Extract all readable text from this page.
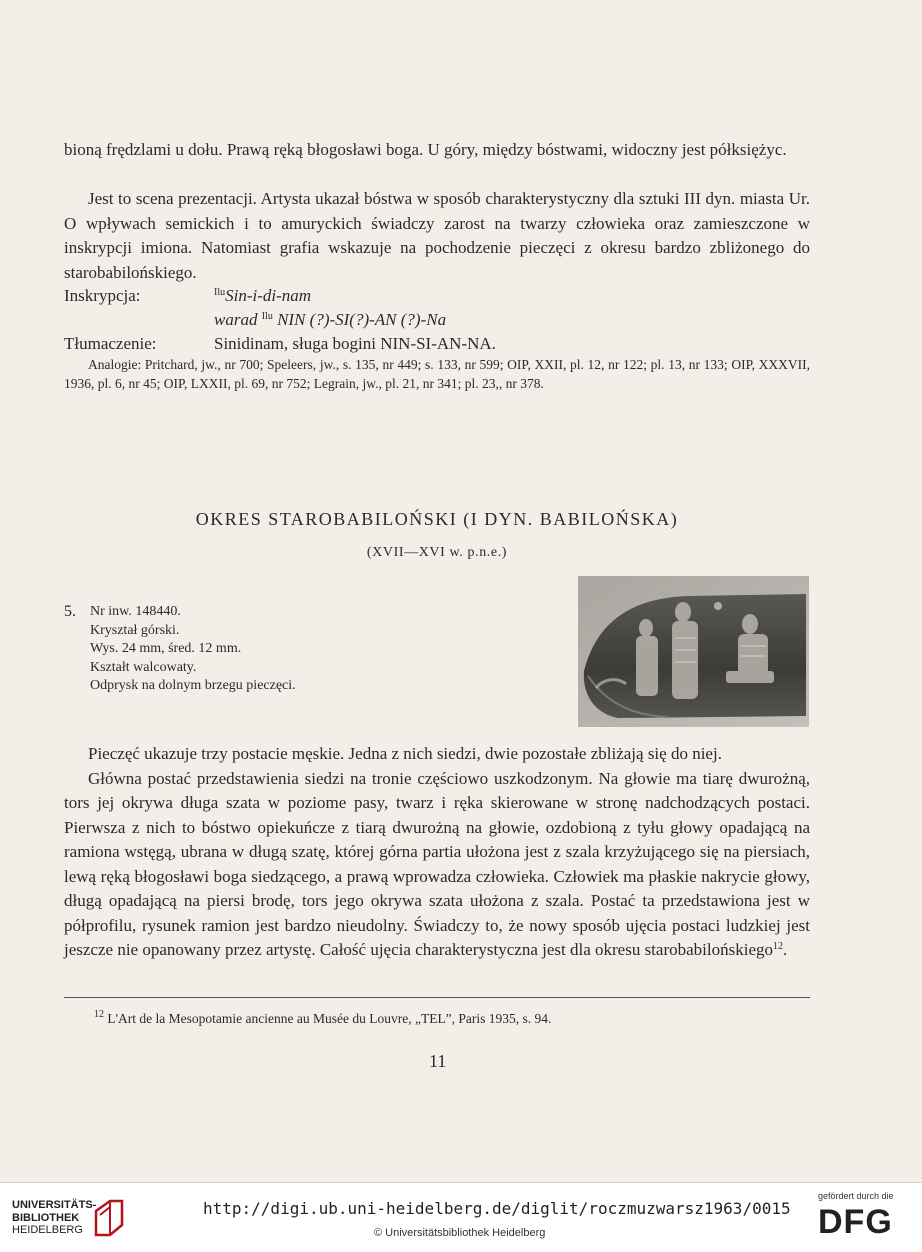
bioną frędzlami u dołu. Prawą ręką błogosławi boga. U góry, między bóstwami, widoczny jest półksiężyc.

Jest to scena prezentacji. Artysta ukazał bóstwa w sposób charakterystyczny dla sztuki III dyn. miasta Ur. O wpływach semickich i to amuryckich świadczy zarost na twarzy człowieka oraz zamieszczone w inskrypcji imiona. Natomiast grafia wskazuje na pochodzenie pieczęci z okresu bardzo zbliżonego do starobabilońskiego.

Inskrypcja:	$^{Ilu}$Sin-i-di-nam
warad $^{Ilu}$ NIN (?)-SI(?)-AN (?)-Na
Tłumaczenie:	Sinidinam, sługa bogini NIN-SI-AN-NA.

Analogie: Pritchard, jw., nr 700; Speleers, jw., s. 135, nr 449; s. 133, nr 599; OIP, XXII, pl. 12, nr 122; pl. 13, nr 133; OIP, XXXVII, 1936, pl. 6, nr 45; OIP, LXXII, pl. 69, nr 752; Legrain, jw., pl. 21, nr 341; pl. 23,, nr 378.

OKRES STAROBABILOŃSKI (I DYN. BABILOŃSKA)
(XVII—XVI w. p.n.e.)
5. Nr inw. 148440.
Kryształ górski.
Wys. 24 mm, śred. 12 mm.
Kształt walcowaty.
Odprysk na dolnym brzegu pieczęci.

Pieczęć ukazuje trzy postacie męskie. Jedna z nich siedzi, dwie pozostałe zbliżają się do niej.

Główna postać przedstawienia siedzi na tronie częściowo uszkodzonym. Na głowie ma tiarę dwurożną, tors jej okrywa długa szata w poziome pasy, twarz i ręka skierowane w stronę nadchodzących postaci. Pierwsza z nich to bóstwo opiekuńcze z tiarą dwurożną na głowie, ozdobioną z tyłu głowy opadającą na ramiona wstęgą, ubrana w długą szatę, której górna partia ułożona jest z szala krzyżującego się na piersiach, lewą ręką błogosławi boga siedzącego, a prawą wprowadza człowieka. Człowiek ma płaskie nakrycie głowy, długą opadającą na piersi brodę, tors jego okrywa szata ułożona z szala. Postać ta przedstawiona jest w półprofilu, rysunek ramion jest bardzo nieudolny. Świadczy to, że nowy sposób ujęcia postaci ludzkiej jest jeszcze nie opanowany przez artystę. Całość ujęcia charakterystyczna jest dla okresu starobabilońskiego$^{12}$.

$^{12}$ L'Art de la Mesopotamie ancienne au Musée du Louvre, „TEL”, Paris 1935, s. 94.
11
UNIVERSITÄTS-
BIBLIOTHEK
HEIDELBERG
http://digi.ub.uni-heidelberg.de/diglit/roczmuzwarsz1963/0015
© Universitätsbibliothek Heidelberg
gefördert durch die
DFG
